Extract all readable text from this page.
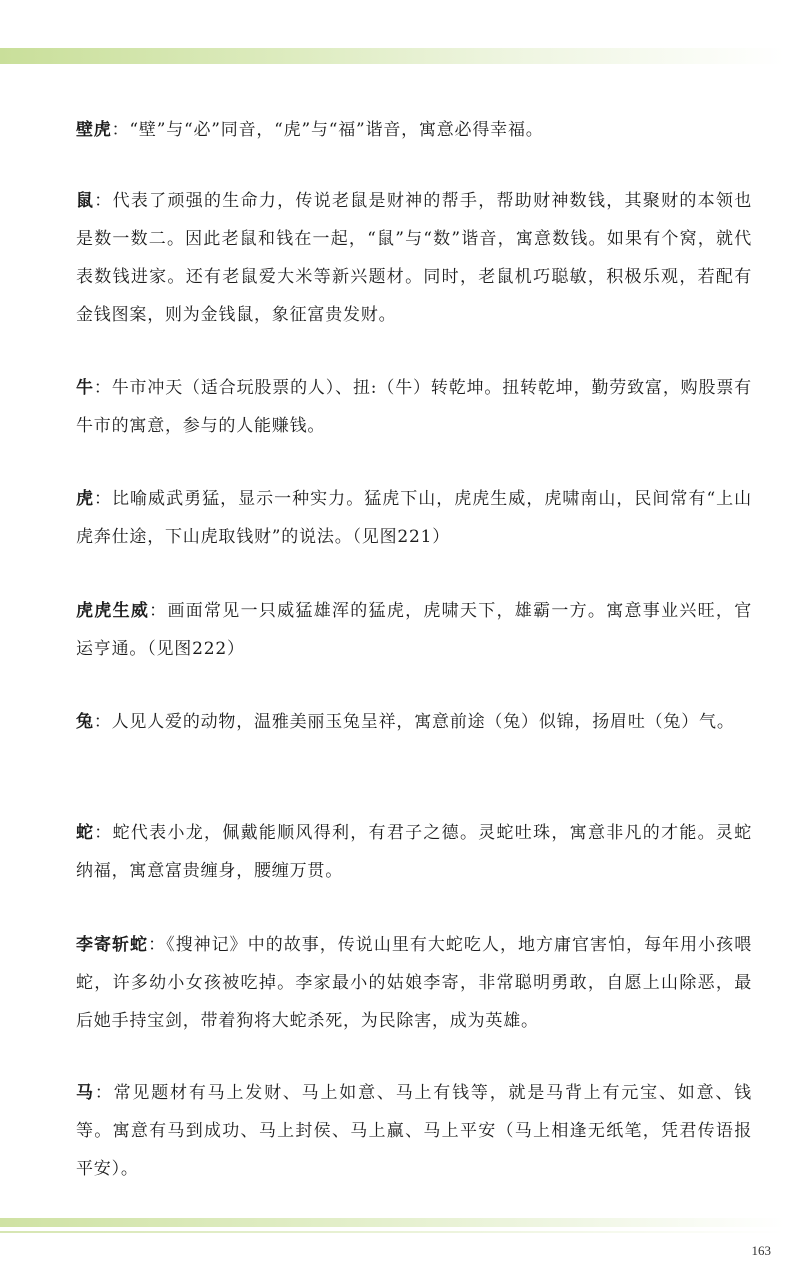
壁虎：“壁”与“必”同音，“虎”与“福”谐音，寓意必得幸福。

鼠：代表了顽强的生命力，传说老鼠是财神的帮手，帮助财神数钱，其聚财的本领也是数一数二。因此老鼠和钱在一起，“鼠”与“数”谐音，寓意数钱。如果有个窝，就代表数钱进家。还有老鼠爱大米等新兴题材。同时，老鼠机巧聪敏，积极乐观，若配有金钱图案，则为金钱鼠，象征富贵发财。

牛：牛市冲天（适合玩股票的人）、扭:（牛）转乾坤。扭转乾坤，勤劳致富，购股票有牛市的寓意，参与的人能赚钱。

虎：比喻威武勇猛，显示一种实力。猛虎下山，虎虎生威，虎啸南山，民间常有“上山虎奔仕途，下山虎取钱财”的说法。（见图221）

虎虎生威：画面常见一只威猛雄浑的猛虎，虎啸天下，雄霸一方。寓意事业兴旺，官运亨通。（见图222）

兔：人见人爱的动物，温雅美丽玉兔呈祥，寓意前途（兔）似锦，扬眉吐（兔）气。

蛇：蛇代表小龙，佩戴能顺风得利，有君子之德。灵蛇吐珠，寓意非凡的才能。灵蛇纳福，寓意富贵缠身，腰缠万贯。

李寄斩蛇：《搜神记》中的故事，传说山里有大蛇吃人，地方庸官害怕，每年用小孩喂蛇，许多幼小女孩被吃掉。李家最小的姑娘李寄，非常聪明勇敢，自愿上山除恶，最后她手持宝剑，带着狗将大蛇杀死，为民除害，成为英雄。

马：常见题材有马上发财、马上如意、马上有钱等，就是马背上有元宝、如意、钱等。寓意有马到成功、马上封侯、马上赢、马上平安（马上相逢无纸笔，凭君传语报平安）。

163
